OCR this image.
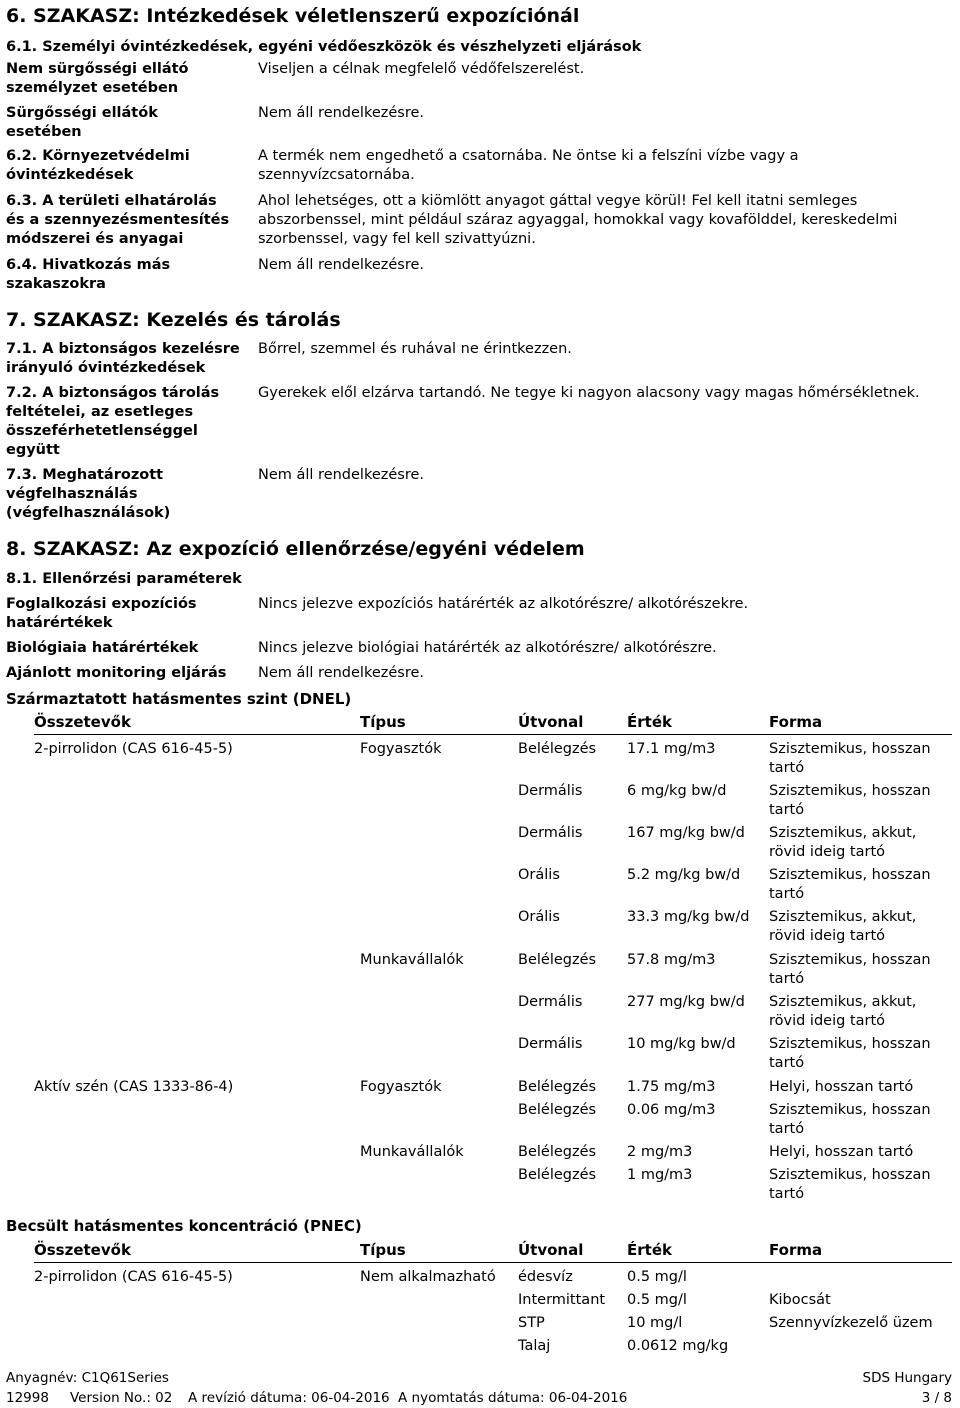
6. SZAKASZ: Intézkedések véletlenszerű expozíciónál
6.1. Személyi óvintézkedések, egyéni védőeszközök és vészhelyzeti eljárások
Nem sürgősségi ellátó személyzet esetében
Viseljen a célnak megfelelő védőfelszerelést.
Sürgősségi ellátók esetében
Nem áll rendelkezésre.
6.2. Környezetvédelmi óvintézkedések
A termék nem engedhető a csatornába. Ne öntse ki a felszíni vízbe vagy a szennyvízcsatornába.
6.3. A területi elhatárolás és a szennyezésmentesítés módszerei és anyagai
Ahol lehetséges, ott a kiömlött anyagot gáttal vegye körül! Fel kell itatni semleges abszorbenssel, mint például száraz agyaggal, homokkal vagy kovafölddel, kereskedelmi szorbenssel, vagy fel kell szivattyúzni.
6.4. Hivatkozás más szakaszokra
Nem áll rendelkezésre.
7. SZAKASZ: Kezelés és tárolás
7.1. A biztonságos kezelésre irányuló óvintézkedések
Bőrrel, szemmel és ruhával ne érintkezzen.
7.2. A biztonságos tárolás feltételei, az esetleges összeférhetetlenséggel együtt
Gyerekek elől elzárva tartandó. Ne tegye ki nagyon alacsony vagy magas hőmérsékletnek.
7.3. Meghatározott végfelhasználás (végfelhasználások)
Nem áll rendelkezésre.
8. SZAKASZ: Az expozíció ellenőrzése/egyéni védelem
8.1. Ellenőrzési paraméterek
Foglalkozási expozíciós határértékek
Nincs jelezve expozíciós határérték az alkotórészre/ alkotórészekre.
Biológiaia határértékek	Nincs jelezve biológiai határérték az alkotórészre/ alkotórészre.
Ajánlott monitoring eljárás	Nem áll rendelkezésre.
Származtatott hatásmentes szint (DNEL)
Összetevők	Típus	Útvonal	Érték	Forma
2-pirrolidon (CAS 616-45-5)	Fogyasztók	Belélegzés	17.1 mg/m3	Szisztemikus, hosszan tartó
Dermális	6 mg/kg bw/d	Szisztemikus, hosszan tartó
Dermális	167 mg/kg bw/d	Szisztemikus, akkut, rövid ideig tartó
Orális	5.2 mg/kg bw/d	Szisztemikus, hosszan tartó
Orális	33.3 mg/kg bw/d	Szisztemikus, akkut, rövid ideig tartó
Munkavállalók	Belélegzés	57.8 mg/m3	Szisztemikus, hosszan tartó
Dermális	277 mg/kg bw/d	Szisztemikus, akkut, rövid ideig tartó
Dermális	10 mg/kg bw/d	Szisztemikus, hosszan tartó
Aktív szén (CAS 1333-86-4)	Fogyasztók	Belélegzés	1.75 mg/m3	Helyi, hosszan tartó
Belélegzés	0.06 mg/m3	Szisztemikus, hosszan tartó
Munkavállalók	Belélegzés	2 mg/m3	Helyi, hosszan tartó
Belélegzés	1 mg/m3	Szisztemikus, hosszan tartó
Becsült hatásmentes koncentráció (PNEC)
Összetevők	Típus	Útvonal	Érték	Forma
2-pirrolidon (CAS 616-45-5)	Nem alkalmazható	édesvíz	0.5 mg/l
Intermittant	0.5 mg/l	Kibocsát
STP	10 mg/l	Szennyvízkezelő üzem
Talaj	0.0612 mg/kg
Anyagnév: C1Q61Series	SDS Hungary
12998 Version No.: 02 A revízió dátuma: 06-04-2016 A nyomtatás dátuma: 06-04-2016	3 / 8
